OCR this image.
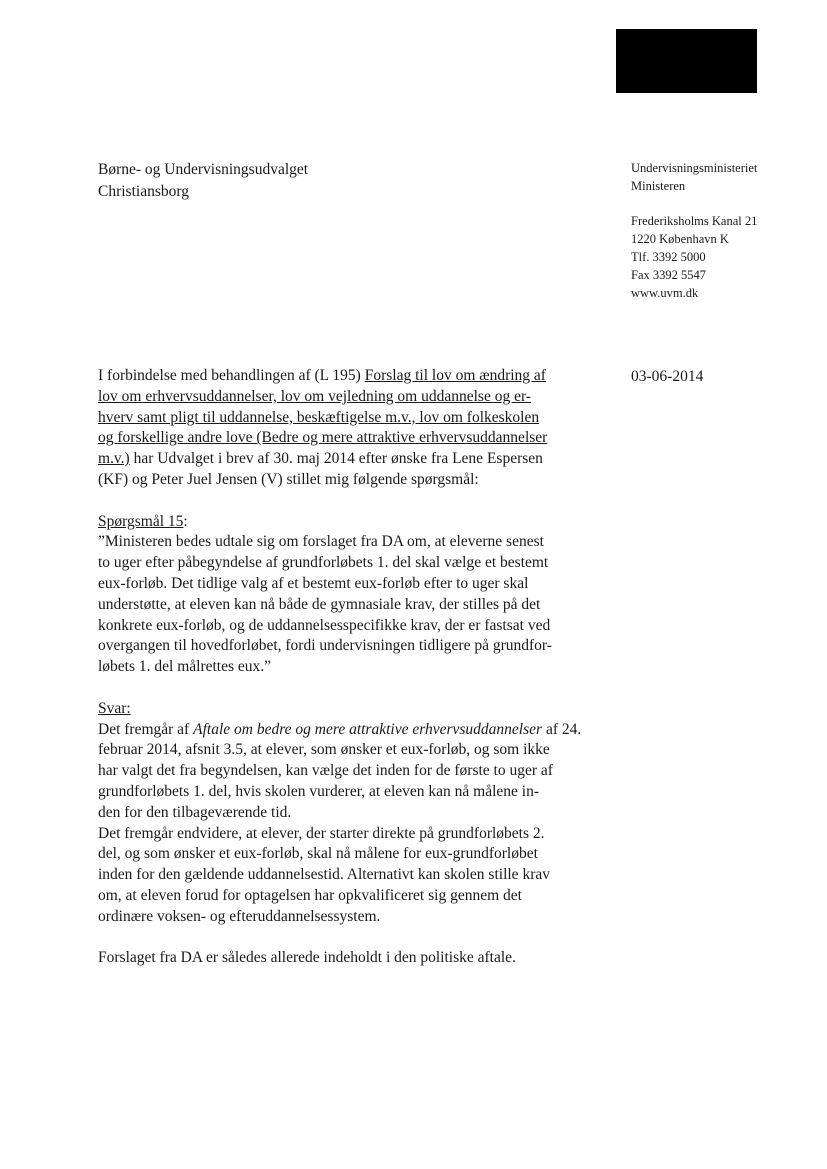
Børne- og Undervisningsudvalget
Christiansborg
Undervisningsministeriet
Ministeren
Frederiksholms Kanal 21
1220 København K
Tlf. 3392 5000
Fax 3392 5547
www.uvm.dk
03-06-2014
I forbindelse med behandlingen af (L 195) Forslag til lov om ændring af
lov om erhvervsuddannelser, lov om vejledning om uddannelse og er-
hverv samt pligt til uddannelse, beskæftigelse m.v., lov om folkeskolen
og forskellige andre love (Bedre og mere attraktive erhvervsuddannelser
m.v.) har Udvalget i brev af 30. maj 2014 efter ønske fra Lene Espersen
(KF) og Peter Juel Jensen (V) stillet mig følgende spørgsmål:
Spørgsmål 15:
”Ministeren bedes udtale sig om forslaget fra DA om, at eleverne senest
to uger efter påbegyndelse af grundforløbets 1. del skal vælge et bestemt
eux-forløb. Det tidlige valg af et bestemt eux-forløb efter to uger skal
understøtte, at eleven kan nå både de gymnasiale krav, der stilles på det
konkrete eux-forløb, og de uddannelsesspecifikke krav, der er fastsat ved
overgangen til hovedforløbet, fordi undervisningen tidligere på grundfor-
løbets 1. del målrettes eux.”
Svar:
Det fremgår af Aftale om bedre og mere attraktive erhvervsuddannelser af 24.
februar 2014, afsnit 3.5, at elever, som ønsker et eux-forløb, og som ikke
har valgt det fra begyndelsen, kan vælge det inden for de første to uger af
grundforløbets 1. del, hvis skolen vurderer, at eleven kan nå målene in-
den for den tilbageværende tid.
Det fremgår endvidere, at elever, der starter direkte på grundforløbets 2.
del, og som ønsker et eux-forløb, skal nå målene for eux-grundforløbet
inden for den gældende uddannelsestid. Alternativt kan skolen stille krav
om, at eleven forud for optagelsen har opkvalificeret sig gennem det
ordinære voksen- og efteruddannelsessystem.
Forslaget fra DA er således allerede indeholdt i den politiske aftale.
